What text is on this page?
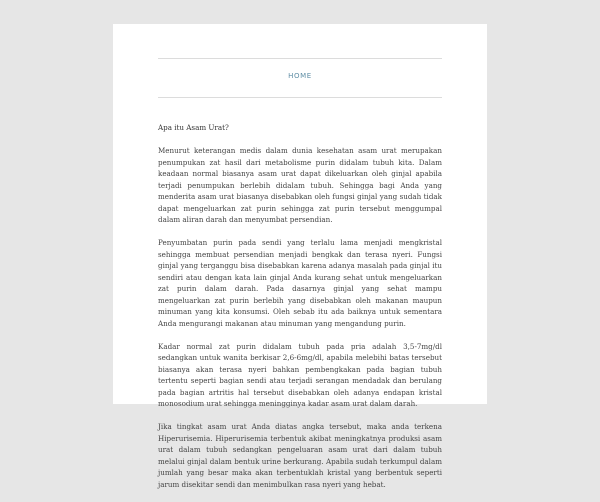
HOME
Apa itu Asam Urat?

Menurut keterangan medis dalam dunia kesehatan asam urat merupakan penumpukan zat hasil dari metabolisme purin didalam tubuh kita. Dalam keadaan normal biasanya asam urat dapat dikeluarkan oleh ginjal apabila terjadi penumpukan berlebih didalam tubuh. Sehingga bagi Anda yang menderita asam urat biasanya disebabkan oleh fungsi ginjal yang sudah tidak dapat mengeluarkan zat purin sehingga zat purin tersebut menggumpal dalam aliran darah dan menyumbat persendian.

Penyumbatan purin pada sendi yang terlalu lama menjadi mengkristal sehingga membuat persendian menjadi bengkak dan terasa nyeri. Fungsi ginjal yang terganggu bisa disebabkan karena adanya masalah pada ginjal itu sendiri atau dengan kata lain ginjal Anda kurang sehat untuk mengeluarkan zat purin dalam darah. Pada dasarnya ginjal yang sehat mampu mengeluarkan zat purin berlebih yang disebabkan oleh makanan maupun minuman yang kita konsumsi. Oleh sebab itu ada baiknya untuk sementara Anda mengurangi makanan atau minuman yang mengandung purin.

Kadar normal zat purin didalam tubuh pada pria adalah 3,5-7mg/dl sedangkan untuk wanita berkisar 2,6-6mg/dl, apabila melebihi batas tersebut biasanya akan terasa nyeri bahkan pembengkakan pada bagian tubuh tertentu seperti bagian sendi atau terjadi serangan mendadak dan berulang pada bagian artritis hal tersebut disebabkan oleh adanya endapan kristal monosodium urat sehingga meningginya kadar asam urat dalam darah.

Jika tingkat asam urat Anda diatas angka tersebut, maka anda terkena Hiperurisemia. Hiperurisemia terbentuk akibat meningkatnya produksi asam urat dalam tubuh sedangkan pengeluaran asam urat dari dalam tubuh melalui ginjal dalam bentuk urine berkurang. Apabila sudah terkumpul dalam jumlah yang besar maka akan terbentuklah kristal yang berbentuk seperti jarum disekitar sendi dan menimbulkan rasa nyeri yang hebat.
